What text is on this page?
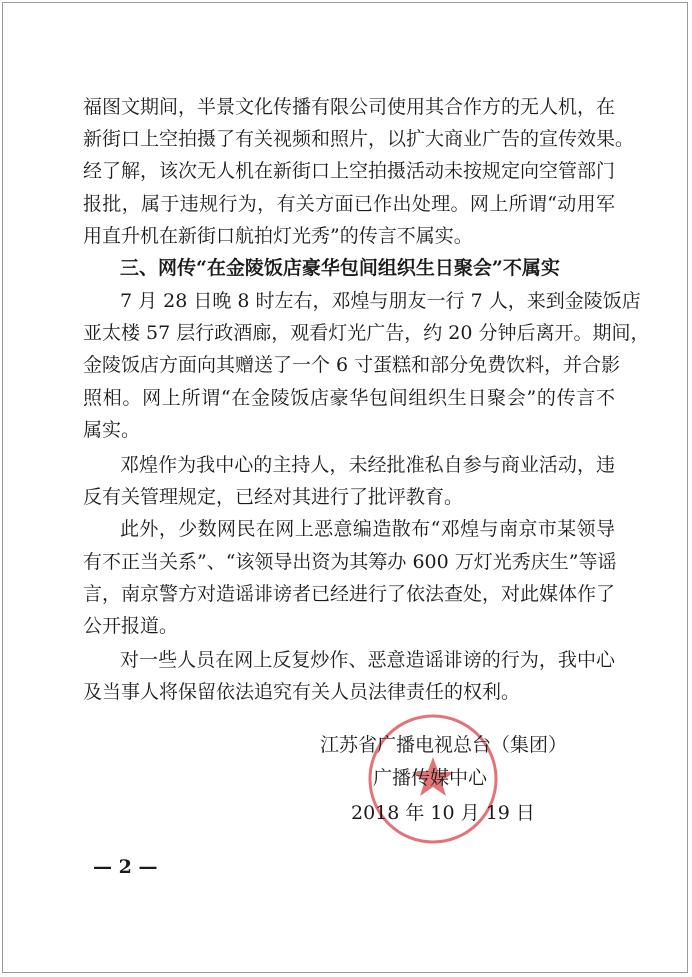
福图文期间，半景文化传播有限公司使用其合作方的无人机，在
新街口上空拍摄了有关视频和照片，以扩大商业广告的宣传效果。
经了解，该次无人机在新街口上空拍摄活动未按规定向空管部门
报批，属于违规行为，有关方面已作出处理。网上所谓“动用军
用直升机在新街口航拍灯光秀”的传言不属实。
三、网传“在金陵饭店豪华包间组织生日聚会”不属实
7 月 28 日晚 8 时左右，邓煌与朋友一行 7 人，来到金陵饭店
亚太楼 57 层行政酒廊，观看灯光广告，约 20 分钟后离开。期间，
金陵饭店方面向其赠送了一个 6 寸蛋糕和部分免费饮料，并合影
照相。网上所谓“在金陵饭店豪华包间组织生日聚会”的传言不
属实。
邓煌作为我中心的主持人，未经批准私自参与商业活动，违
反有关管理规定，已经对其进行了批评教育。
此外，少数网民在网上恶意编造散布“邓煌与南京市某领导
有不正当关系”、“该领导出资为其筹办 600 万灯光秀庆生”等谣
言，南京警方对造谣诽谤者已经进行了依法查处，对此媒体作了
公开报道。
对一些人员在网上反复炒作、恶意造谣诽谤的行为，我中心
及当事人将保留依法追究有关人员法律责任的权利。
江苏省广播电视总台（集团）
广播传媒中心
2018 年 10 月 19 日
— 2 —
